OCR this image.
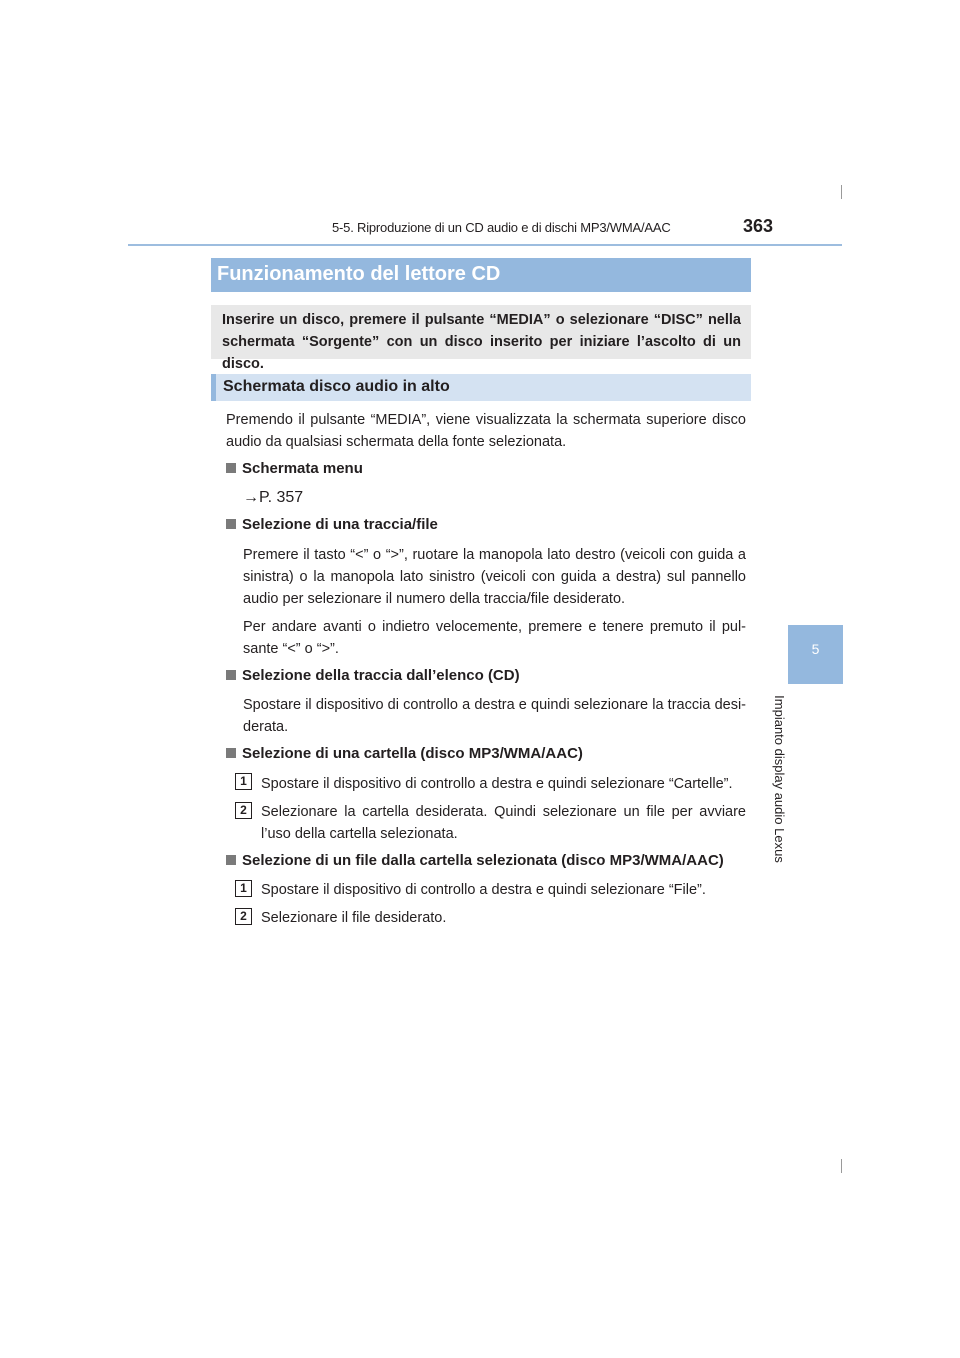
5-5. Riproduzione di un CD audio e di dischi MP3/WMA/AAC	363
5
Impianto display audio Lexus
Funzionamento del lettore CD
Inserire un disco, premere il pulsante “MEDIA” o selezionare “DISC” nella schermata “Sorgente” con un disco inserito per iniziare l’ascolto di un disco.
Schermata disco audio in alto
Premendo il pulsante “MEDIA”, viene visualizzata la schermata superiore disco audio da qualsiasi schermata della fonte selezionata.
Schermata menu
→P. 357
Selezione di una traccia/file
Premere il tasto “<” o “>”, ruotare la manopola lato destro (veicoli con guida a sinistra) o la manopola lato sinistro (veicoli con guida a destra) sul pannello audio per selezionare il numero della traccia/file desiderato.
Per andare avanti o indietro velocemente, premere e tenere premuto il pul-sante “<” o “>”.
Selezione della traccia dall’elenco (CD)
Spostare il dispositivo di controllo a destra e quindi selezionare la traccia desi-derata.
Selezione di una cartella (disco MP3/WMA/AAC)
1 Spostare il dispositivo di controllo a destra e quindi selezionare “Cartelle”.
2 Selezionare la cartella desiderata. Quindi selezionare un file per avviare l’uso della cartella selezionata.
Selezione di un file dalla cartella selezionata (disco MP3/WMA/AAC)
1 Spostare il dispositivo di controllo a destra e quindi selezionare “File”.
2 Selezionare il file desiderato.
